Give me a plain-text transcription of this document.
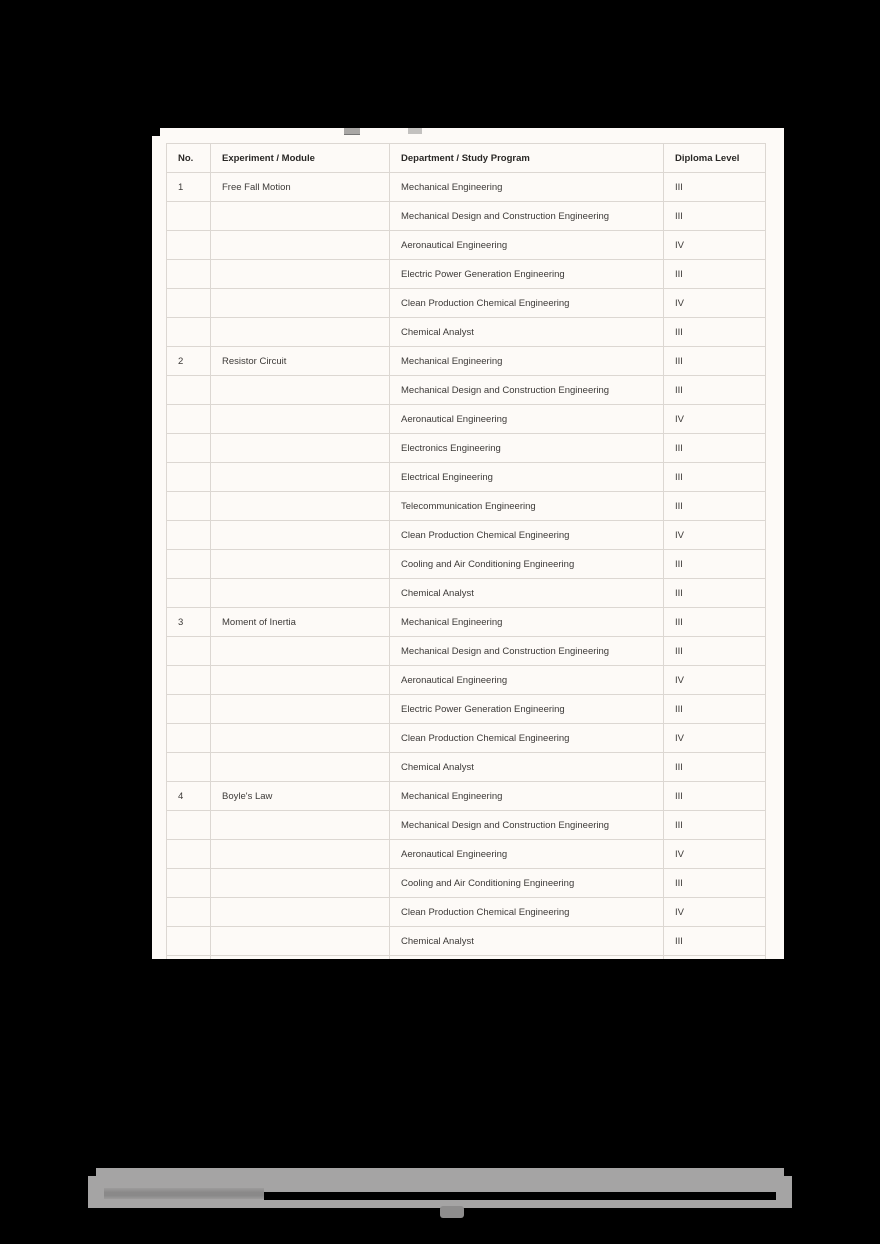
No.	Experiment / Module	Department / Study Program	Diploma Level
1	Free Fall Motion	Mechanical Engineering	III
		Mechanical Design and Construction Engineering	III
		Aeronautical Engineering	IV
		Electric Power Generation Engineering	III
		Clean Production Chemical Engineering	IV
		Chemical Analyst	III
2	Resistor Circuit	Mechanical Engineering	III
		Mechanical Design and Construction Engineering	III
		Aeronautical Engineering	IV
		Electronics Engineering	III
		Electrical Engineering	III
		Telecommunication Engineering	III
		Clean Production Chemical Engineering	IV
		Cooling and Air Conditioning Engineering	III
		Chemical Analyst	III
3	Moment of Inertia	Mechanical Engineering	III
		Mechanical Design and Construction Engineering	III
		Aeronautical Engineering	IV
		Electric Power Generation Engineering	III
		Clean Production Chemical Engineering	IV
		Chemical Analyst	III
4	Boyle's Law	Mechanical Engineering	III
		Mechanical Design and Construction Engineering	III
		Aeronautical Engineering	IV
		Cooling and Air Conditioning Engineering	III
		Clean Production Chemical Engineering	IV
		Chemical Analyst	III
